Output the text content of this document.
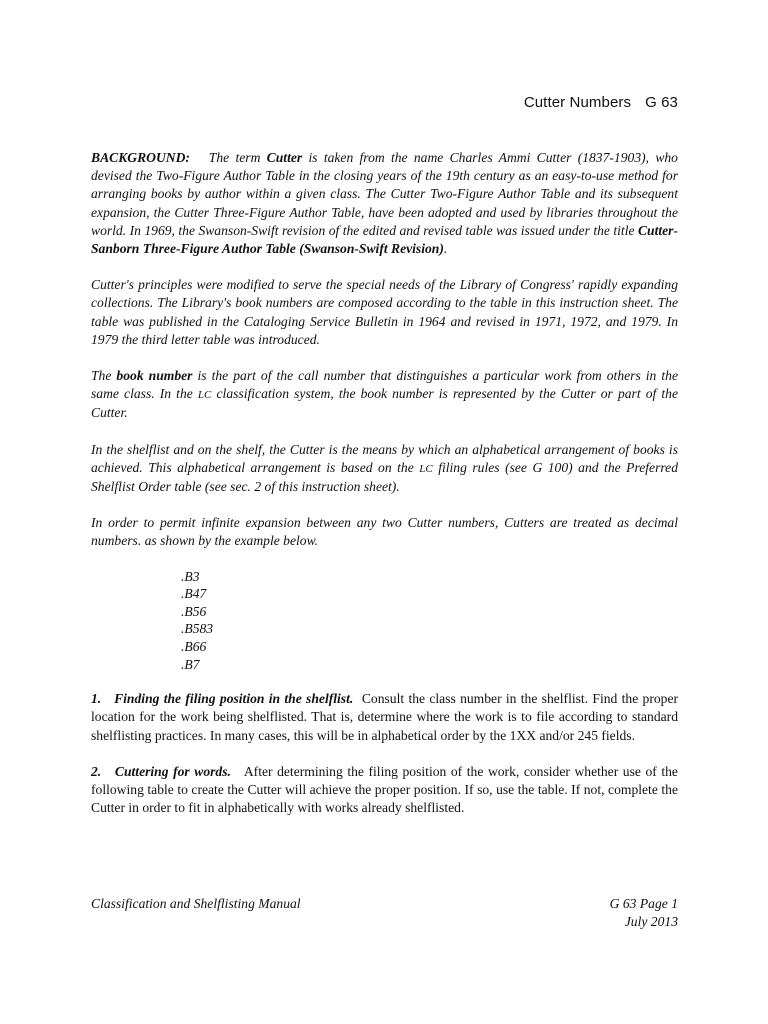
Cutter Numbers G 63

BACKGROUND: The term Cutter is taken from the name Charles Ammi Cutter (1837-1903), who devised the Two-Figure Author Table in the closing years of the 19th century as an easy-to-use method for arranging books by author within a given class. The Cutter Two-Figure Author Table and its subsequent expansion, the Cutter Three-Figure Author Table, have been adopted and used by libraries throughout the world. In 1969, the Swanson-Swift revision of the edited and revised table was issued under the title Cutter-Sanborn Three-Figure Author Table (Swanson-Swift Revision).

Cutter's principles were modified to serve the special needs of the Library of Congress' rapidly expanding collections. The Library's book numbers are composed according to the table in this instruction sheet. The table was published in the Cataloging Service Bulletin in 1964 and revised in 1971, 1972, and 1979. In 1979 the third letter table was introduced.

The book number is the part of the call number that distinguishes a particular work from others in the same class. In the LC classification system, the book number is represented by the Cutter or part of the Cutter.

In the shelflist and on the shelf, the Cutter is the means by which an alphabetical arrangement of books is achieved. This alphabetical arrangement is based on the LC filing rules (see G 100) and the Preferred Shelflist Order table (see sec. 2 of this instruction sheet).

In order to permit infinite expansion between any two Cutter numbers, Cutters are treated as decimal numbers. as shown by the example below.

.B3
.B47
.B56
.B583
.B66
.B7

1. Finding the filing position in the shelflist. Consult the class number in the shelflist. Find the proper location for the work being shelflisted. That is, determine where the work is to file according to standard shelflisting practices. In many cases, this will be in alphabetical order by the 1XX and/or 245 fields.

2. Cuttering for words. After determining the filing position of the work, consider whether use of the following table to create the Cutter will achieve the proper position. If so, use the table. If not, complete the Cutter in order to fit in alphabetically with works already shelflisted.

Classification and Shelflisting Manual	G 63 Page 1
July 2013
